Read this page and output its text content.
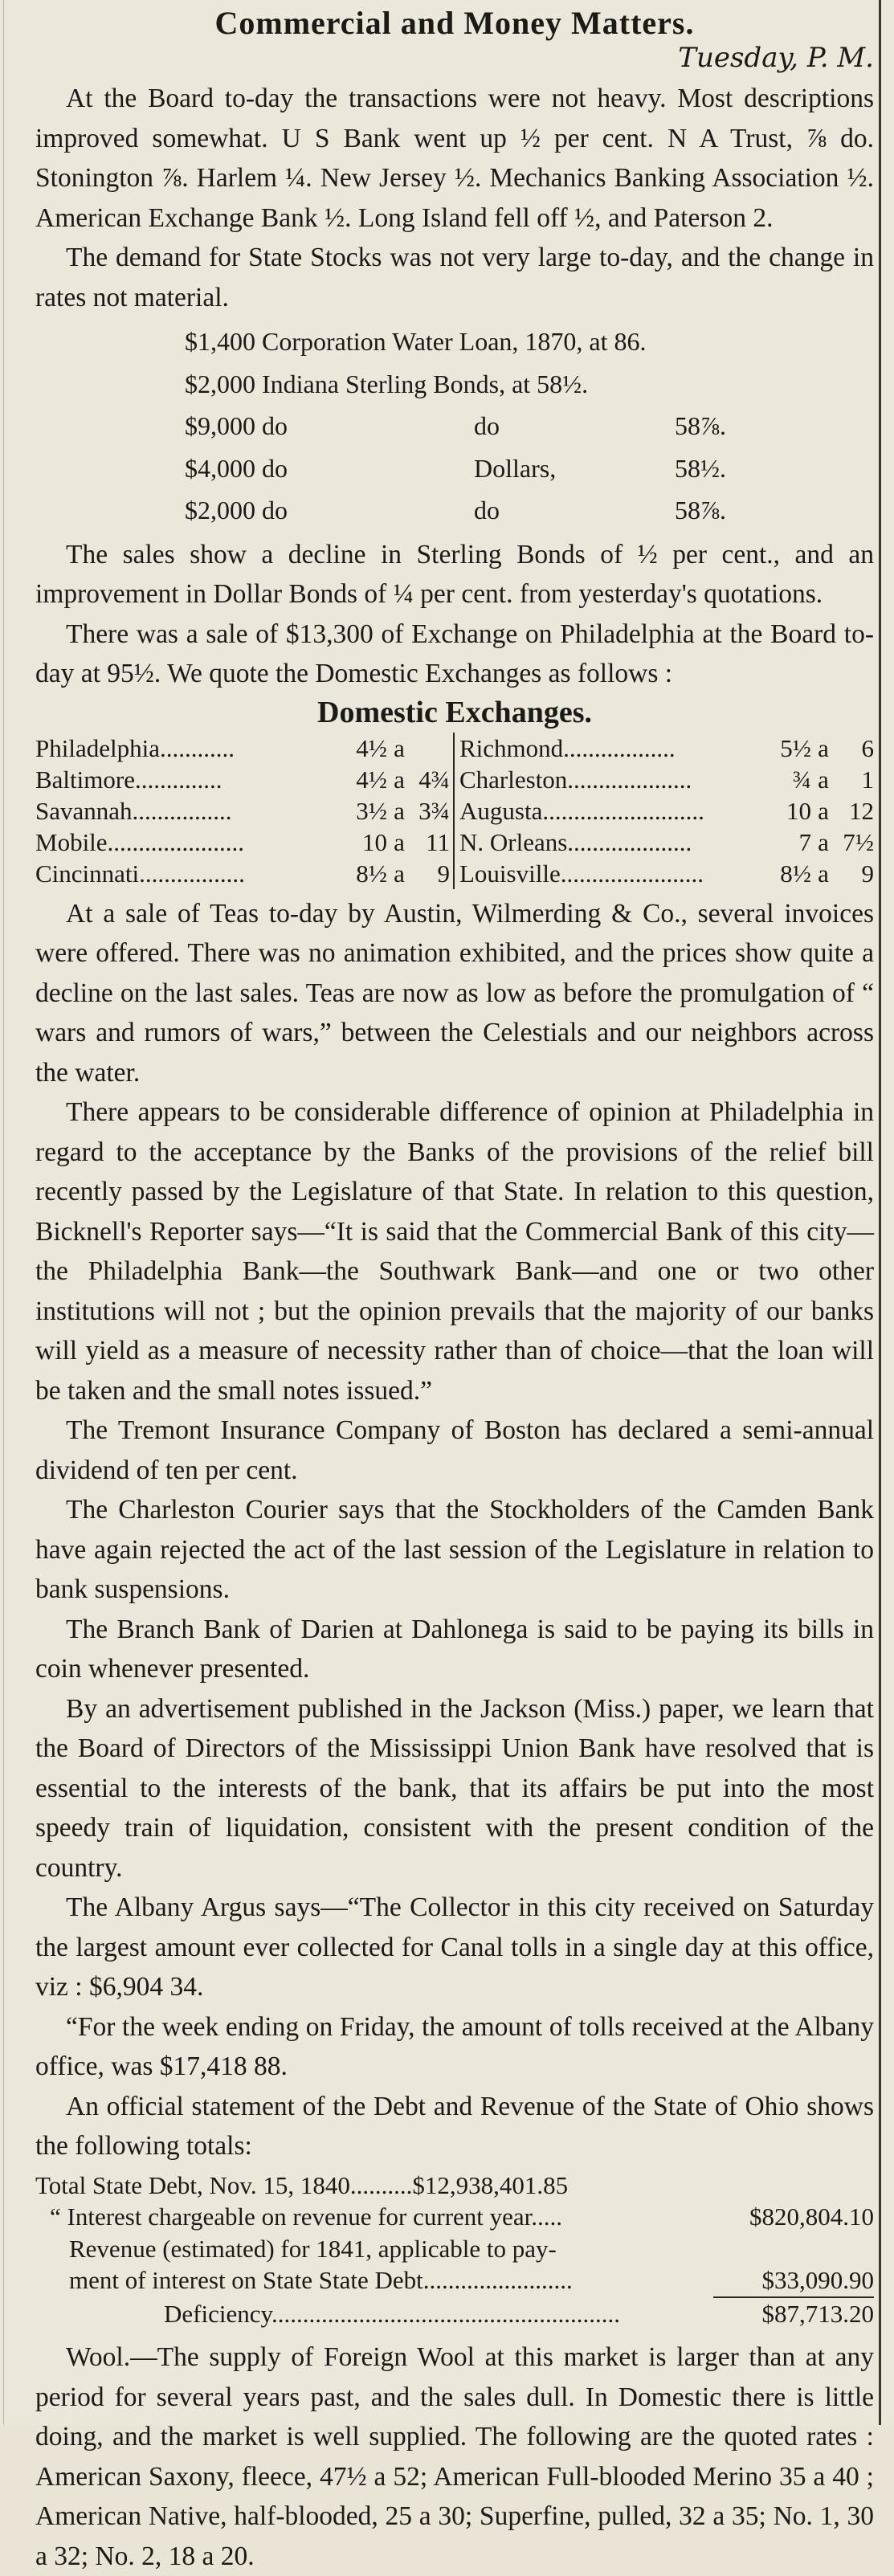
Commercial and Money Matters.
Tuesday, P. M.

At the Board to-day the transactions were not heavy. Most descriptions improved somewhat. U S Bank went up ½ per cent. N A Trust, ⅞ do. Stonington ⅞. Harlem ¼. New Jersey ½. Mechanics Banking Association ½. American Exchange Bank ½. Long Island fell off ½, and Paterson 2.

The demand for State Stocks was not very large to-day, and the change in rates not material.

$1,400 Corporation Water Loan, 1870, at 86.
$2,000 Indiana Sterling Bonds, at 58½.
$9,000 do	do	58⅞.
$4,000 do	Dollars,	58½.
$2,000 do	do	58⅞.

The sales show a decline in Sterling Bonds of ½ per cent., and an improvement in Dollar Bonds of ¼ per cent. from yesterday's quotations.

There was a sale of $13,300 of Exchange on Philadelphia at the Board to-day at 95½. We quote the Domestic Exchanges as follows :

Domestic Exchanges.
Philadelphia............	4½ a
Baltimore..............	4½ a 4¾
Savannah................	3½ a 3¾
Mobile......................	10 a 11
Cincinnati.................	8½ a	9
Richmond..................	5½ a	6
Charleston....................	¾ a	1
Augusta..........................	10 a 12
N. Orleans....................	7 a 7½
Louisville.......................	8½ a	9

At a sale of Teas to-day by Austin, Wilmerding & Co., several invoices were offered. There was no animation exhibited, and the prices show quite a decline on the last sales. Teas are now as low as before the promulgation of “ wars and rumors of wars,” between the Celestials and our neighbors across the water.

There appears to be considerable difference of opinion at Philadelphia in regard to the acceptance by the Banks of the provisions of the relief bill recently passed by the Legislature of that State. In relation to this question, Bicknell's Reporter says—“It is said that the Commercial Bank of this city—the Philadelphia Bank—the Southwark Bank—and one or two other institutions will not ; but the opinion prevails that the majority of our banks will yield as a measure of necessity rather than of choice—that the loan will be taken and the small notes issued.”

The Tremont Insurance Company of Boston has declared a semi-annual dividend of ten per cent.

The Charleston Courier says that the Stockholders of the Camden Bank have again rejected the act of the last session of the Legislature in relation to bank suspensions.

The Branch Bank of Darien at Dahlonega is said to be paying its bills in coin whenever presented.

By an advertisement published in the Jackson (Miss.) paper, we learn that the Board of Directors of the Mississippi Union Bank have resolved that is essential to the interests of the bank, that its affairs be put into the most speedy train of liquidation, consistent with the present condition of the country.

The Albany Argus says—“The Collector in this city received on Saturday the largest amount ever collected for Canal tolls in a single day at this office, viz : $6,904 34.

“For the week ending on Friday, the amount of tolls received at the Albany office, was $17,418 88.

An official statement of the Debt and Revenue of the State of Ohio shows the following totals:

Total State Debt, Nov. 15, 1840..........$12,938,401.85
“ Interest chargeable on revenue for current year.....	$820,804.10
Revenue (estimated) for 1841, applicable to pay-
ment of interest on State State Debt........................	$33,090.90
Deficiency........................................................	$87,713.20

Wool.—The supply of Foreign Wool at this market is larger than at any period for several years past, and the sales dull. In Domestic there is little doing, and the market is well supplied. The following are the quoted rates : American Saxony, fleece, 47½ a 52; American Full-blooded Merino 35 a 40 ; American Native, half-blooded, 25 a 30; Superfine, pulled, 32 a 35; No. 1, 30 a 32; No. 2, 18 a 20.
